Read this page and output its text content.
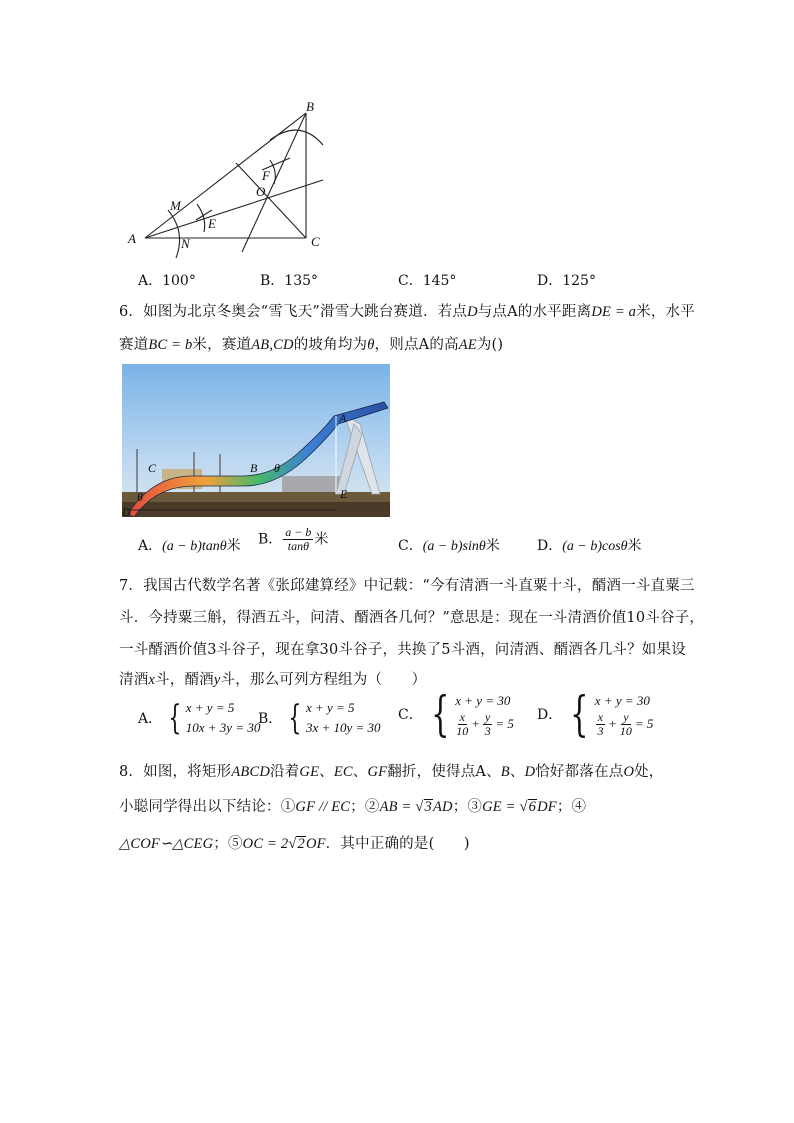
A
B
C
M
N
E
F
O
A．100°	B．135°	C．145°	D．125°
6．如图为北京冬奥会“雪飞天”滑雪大跳台赛道．若点D与点A的水平距离DE = a米，水平
赛道BC = b米，赛道AB,CD的坡角均为θ，则点A的高AE为()
A
B
C
D
E
θ
θ
A．(a − b)tanθ米 B． $\frac{a - b}{\tan\theta}$ 米	C．(a − b)sinθ米	D．(a − b)cosθ米
7．我国古代数学名著《张邱建算经》中记载：“今有清酒一斗直粟十斗，醑酒一斗直粟三
斗．今持粟三斛，得酒五斗，问清、醑酒各几何？”意思是：现在一斗清酒价值10斗谷子，
一斗醑酒价值3斗谷子，现在拿30斗谷子，共换了5斗酒，问清酒、醑酒各几斗？如果设
清酒x斗，醑酒y斗，那么可列方程组为（　　）
A． { x + y = 5
10x + 3y = 30
B． { x + y = 5
3x + 10y = 30
C． { x + y = 30
$\frac{x}{10} + \frac{y}{3} = 5$
D． { x + y = 30
$\frac{x}{3} + \frac{y}{10} = 5$
8．如图，将矩形ABCD沿着GE、EC、GF翻折，使得点A、B、D恰好都落在点O处，
小聪同学得出以下结论：①GF // EC；②AB = √3AD；③GE = √6DF；④
△COF∽△CEG；⑤OC = 2√2OF．其中正确的是(　　)
